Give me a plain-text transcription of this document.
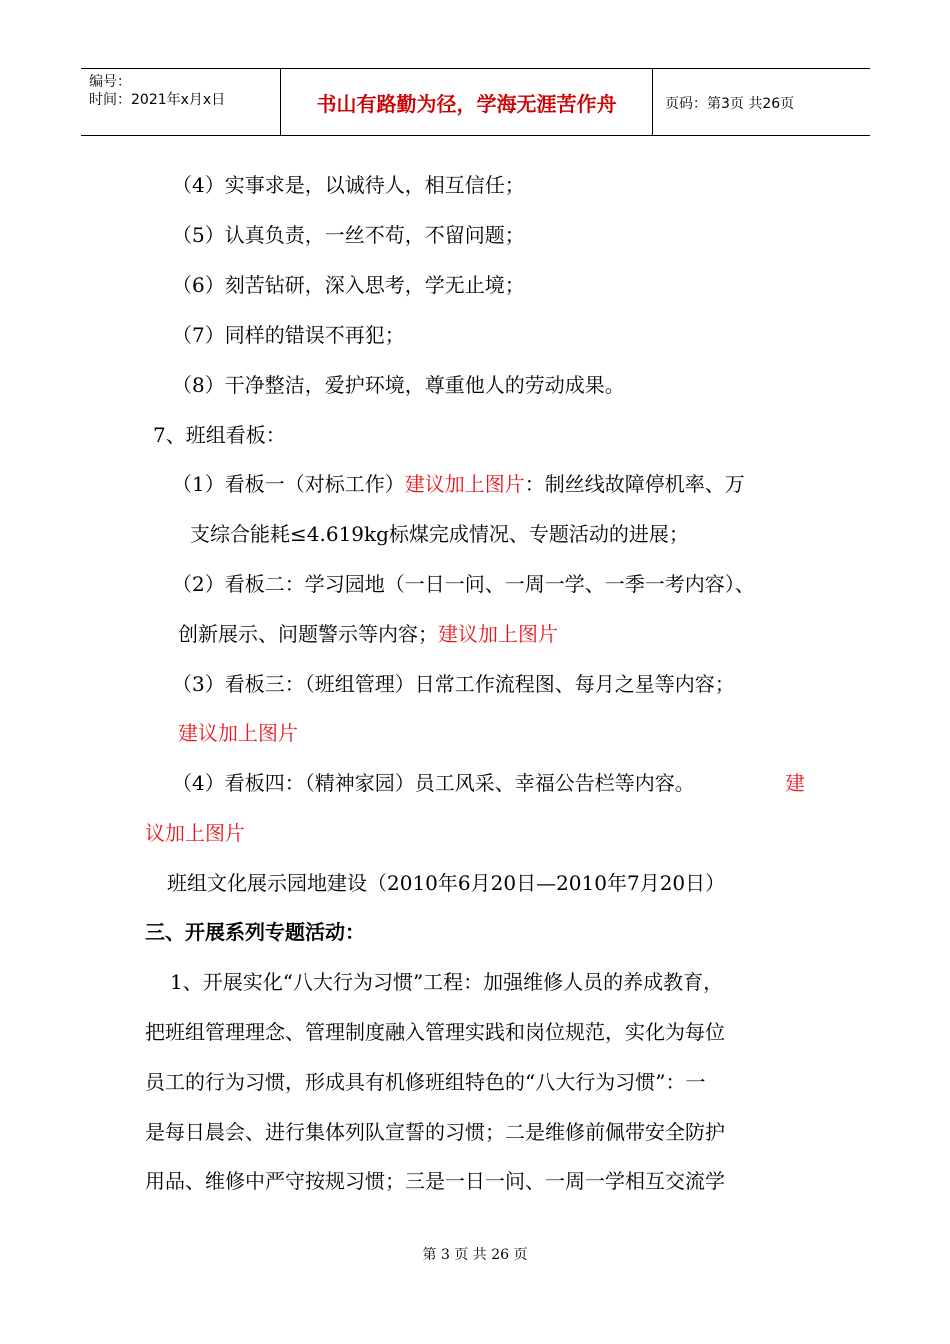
编号：
时间：2021年x月x日	书山有路勤为径，学海无涯苦作舟	页码：第3页 共26页
（4）实事求是，以诚待人，相互信任；
（5）认真负责，一丝不苟，不留问题；
（6）刻苦钻研，深入思考，学无止境；
（7）同样的错误不再犯；
（8）干净整洁，爱护环境，尊重他人的劳动成果。
7、班组看板：
（1）看板一（对标工作）建议加上图片：制丝线故障停机率、万
支综合能耗≤4.619kg标煤完成情况、专题活动的进展；
（2）看板二：学习园地（一日一问、一周一学、一季一考内容）、
创新展示、问题警示等内容；建议加上图片
（3）看板三：（班组管理）日常工作流程图、每月之星等内容；
建议加上图片
（4）看板四：（精神家园）员工风采、幸福公告栏等内容。	建
议加上图片
班组文化展示园地建设（2010年6月20日—2010年7月20日）
三、开展系列专题活动：
1、开展实化“八大行为习惯”工程：加强维修人员的养成教育，
把班组管理理念、管理制度融入管理实践和岗位规范，实化为每位
员工的行为习惯，形成具有机修班组特色的“八大行为习惯”：一
是每日晨会、进行集体列队宣誓的习惯；二是维修前佩带安全防护
用品、维修中严守按规习惯；三是一日一问、一周一学相互交流学
第 3 页 共 26 页
